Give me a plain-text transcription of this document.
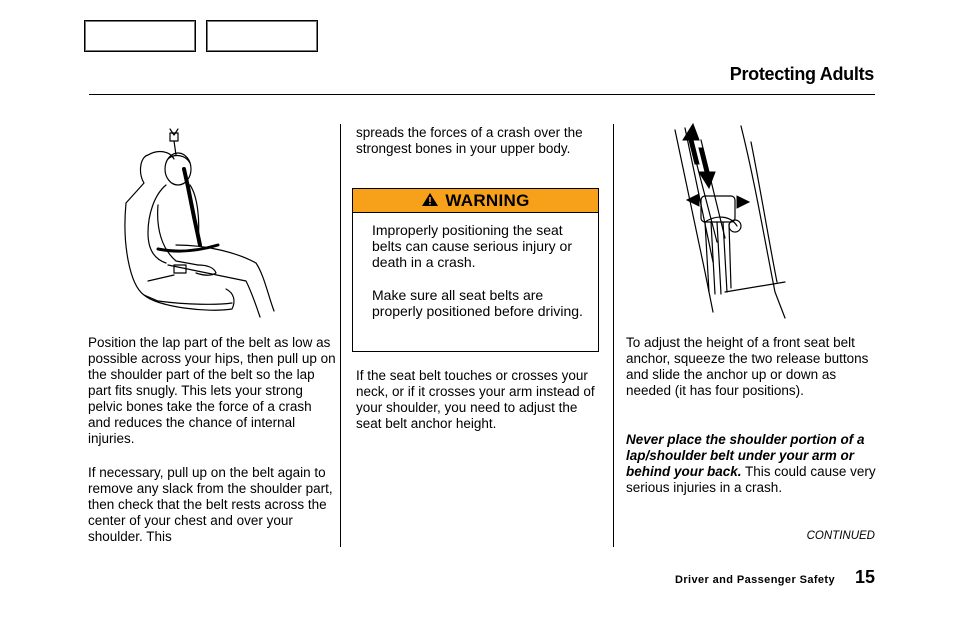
Protecting Adults

Position the lap part of the belt as low as possible across your hips, then pull up on the shoulder part of the belt so the lap part fits snugly. This lets your strong pelvic bones take the force of a crash and reduces the chance of internal injuries.

If necessary, pull up on the belt again to remove any slack from the shoulder part, then check that the belt rests across the center of your chest and over your shoulder. This

spreads the forces of a crash over the strongest bones in your upper body.

WARNING
Improperly positioning the seat belts can cause serious injury or death in a crash.
Make sure all seat belts are properly positioned before driving.

If the seat belt touches or crosses your neck, or if it crosses your arm instead of your shoulder, you need to adjust the seat belt anchor height.

To adjust the height of a front seat belt anchor, squeeze the two release buttons and slide the anchor up or down as needed (it has four positions).

Never place the shoulder portion of a lap/shoulder belt under your arm or behind your back. This could cause very serious injuries in a crash.

CONTINUED
Driver and Passenger Safety 15
